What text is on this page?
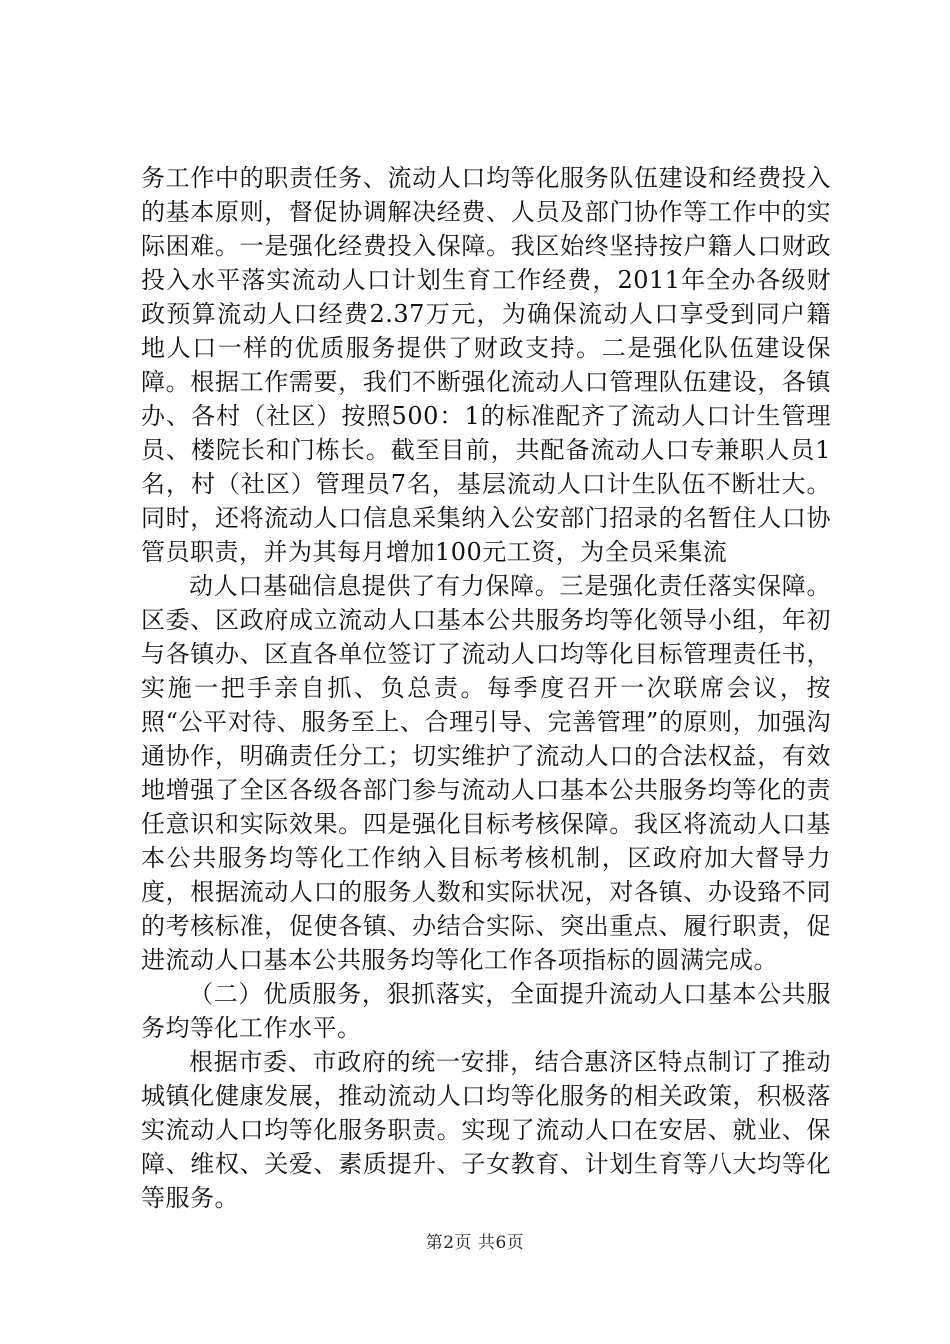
务工作中的职责任务、流动人口均等化服务队伍建设和经费投入的基本原则，督促协调解决经费、人员及部门协作等工作中的实际困难。一是强化经费投入保障。我区始终坚持按户籍人口财政投入水平落实流动人口计划生育工作经费，2011年全办各级财政预算流动人口经费2.37万元，为确保流动人口享受到同户籍地人口一样的优质服务提供了财政支持。二是强化队伍建设保障。根据工作需要，我们不断强化流动人口管理队伍建设，各镇办、各村（社区）按照500：1的标准配齐了流动人口计生管理员、楼院长和门栋长。截至目前，共配备流动人口专兼职人员1名，村（社区）管理员7名，基层流动人口计生队伍不断壮大。同时，还将流动人口信息采集纳入公安部门招录的名暂住人口协管员职责，并为其每月增加100元工资，为全员采集流

动人口基础信息提供了有力保障。三是强化责任落实保障。区委、区政府成立流动人口基本公共服务均等化领导小组，年初与各镇办、区直各单位签订了流动人口均等化目标管理责任书，实施一把手亲自抓、负总责。每季度召开一次联席会议，按照“公平对待、服务至上、合理引导、完善管理”的原则，加强沟通协作，明确责任分工；切实维护了流动人口的合法权益，有效地增强了全区各级各部门参与流动人口基本公共服务均等化的责任意识和实际效果。四是强化目标考核保障。我区将流动人口基本公共服务均等化工作纳入目标考核机制，区政府加大督导力度，根据流动人口的服务人数和实际状况，对各镇、办设臵不同的考核标准，促使各镇、办结合实际、突出重点、履行职责，促进流动人口基本公共服务均等化工作各项指标的圆满完成。

（二）优质服务，狠抓落实，全面提升流动人口基本公共服务均等化工作水平。

根据市委、市政府的统一安排，结合惠济区特点制订了推动城镇化健康发展，推动流动人口均等化服务的相关政策，积极落实流动人口均等化服务职责。实现了流动人口在安居、就业、保障、维权、关爱、素质提升、子女教育、计划生育等八大均等化等服务。

第2页 共6页
